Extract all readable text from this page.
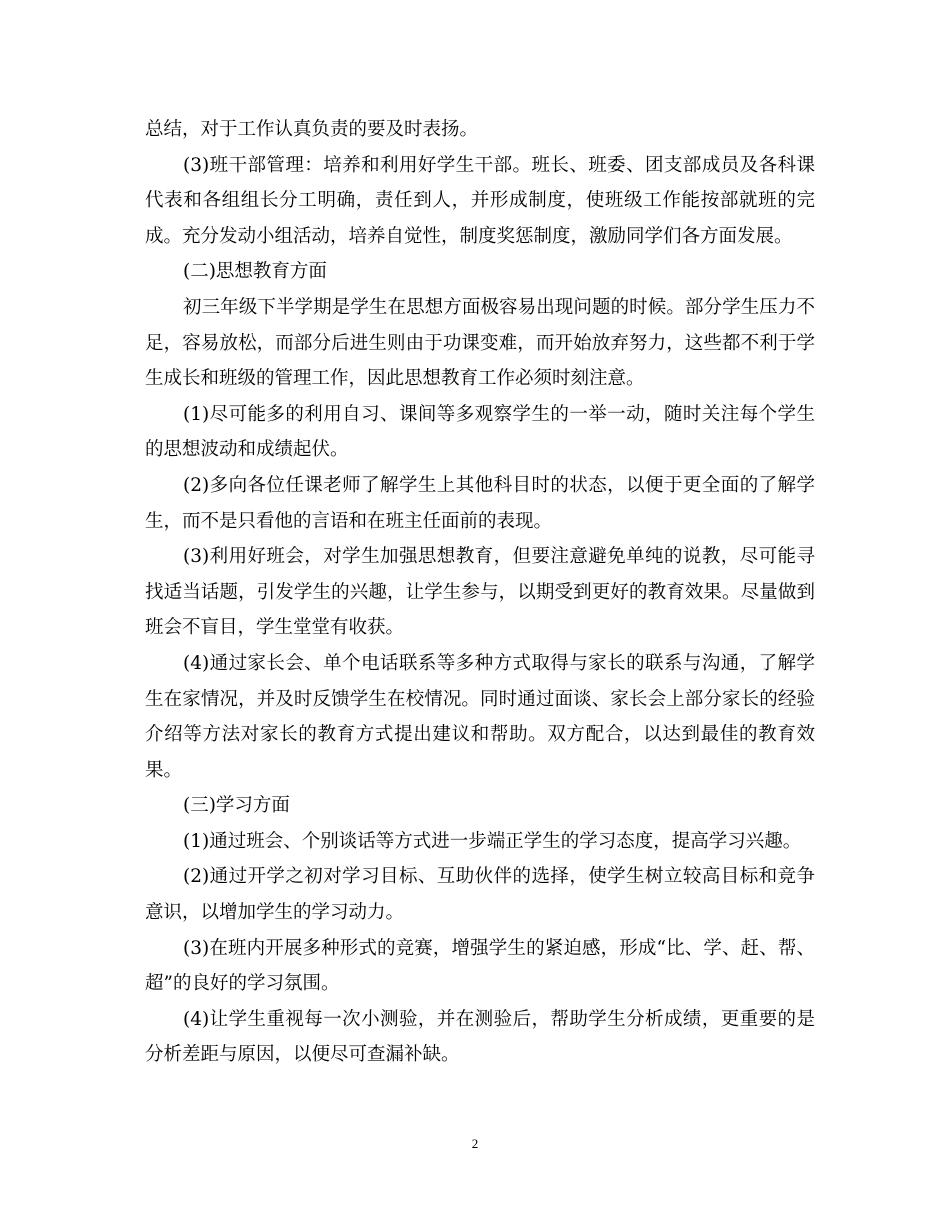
总结，对于工作认真负责的要及时表扬。

(3)班干部管理：培养和利用好学生干部。班长、班委、团支部成员及各科课代表和各组组长分工明确，责任到人，并形成制度，使班级工作能按部就班的完成。充分发动小组活动，培养自觉性，制度奖惩制度，激励同学们各方面发展。

(二)思想教育方面

初三年级下半学期是学生在思想方面极容易出现问题的时候。部分学生压力不足，容易放松，而部分后进生则由于功课变难，而开始放弃努力，这些都不利于学生成长和班级的管理工作，因此思想教育工作必须时刻注意。

(1)尽可能多的利用自习、课间等多观察学生的一举一动，随时关注每个学生的思想波动和成绩起伏。

(2)多向各位任课老师了解学生上其他科目时的状态，以便于更全面的了解学生，而不是只看他的言语和在班主任面前的表现。

(3)利用好班会，对学生加强思想教育，但要注意避免单纯的说教，尽可能寻找适当话题，引发学生的兴趣，让学生参与，以期受到更好的教育效果。尽量做到班会不盲目，学生堂堂有收获。

(4)通过家长会、单个电话联系等多种方式取得与家长的联系与沟通，了解学生在家情况，并及时反馈学生在校情况。同时通过面谈、家长会上部分家长的经验介绍等方法对家长的教育方式提出建议和帮助。双方配合，以达到最佳的教育效果。

(三)学习方面

(1)通过班会、个别谈话等方式进一步端正学生的学习态度，提高学习兴趣。

(2)通过开学之初对学习目标、互助伙伴的选择，使学生树立较高目标和竞争意识，以增加学生的学习动力。

(3)在班内开展多种形式的竞赛，增强学生的紧迫感，形成“比、学、赶、帮、超”的良好的学习氛围。

(4)让学生重视每一次小测验，并在测验后，帮助学生分析成绩，更重要的是分析差距与原因，以便尽可查漏补缺。

2
